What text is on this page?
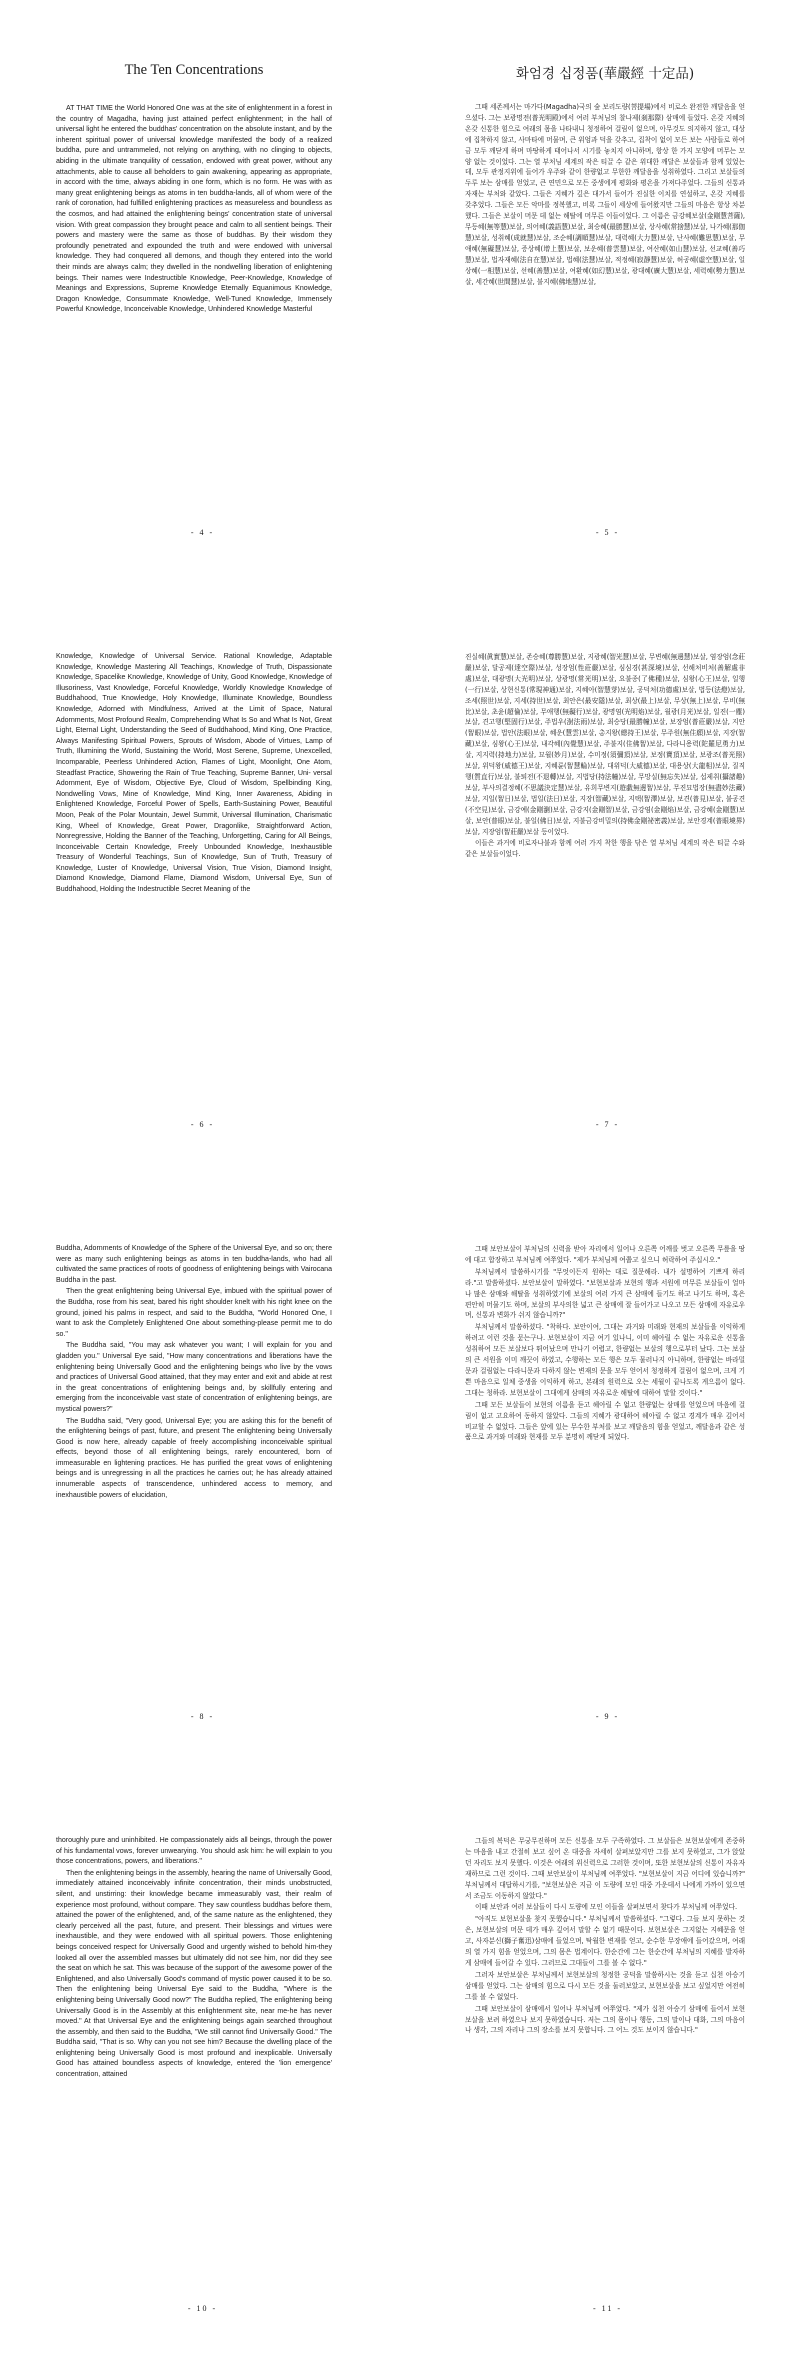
The Ten Concentrations

AT THAT TIME the World Honored One was at the site of enlightenment in a forest in the country of Magadha, having just attained perfect enlightenment; in the hall of universal light he entered the buddhas' concentration on the absolute instant, and by the inherent spiritual power of universal knowledge manifested the body of a realized buddha, pure and untrammeled, not relying on anything, with no clinging to objects, abiding in the ultimate tranquility of cessation, endowed with great power, without any attachments, able to cause all beholders to gain awakening, appearing as appropriate, in accord with the time, always abiding in one form, which is no form. He was with as many great enlightening beings as atoms in ten buddha-lands, all of whom were of the rank of coronation, had fulfilled enlightening practices as measureless and boundless as the cosmos, and had attained the enlightening beings' concentration state of universal vision. With great compassion they brought peace and calm to all sentient beings. Their powers and mastery were the same as those of buddhas. By their wisdom they profoundly penetrated and expounded the truth and were endowed with universal knowledge. They had conquered all demons, and though they entered into the world their minds are always calm; they dwelled in the nondwelling liberation of enlightening beings. Their names were Indestructible Knowledge, Peer-Knowledge, Knowledge of Meanings and Expressions, Supreme Knowledge Eternally Equanimous Knowledge, Dragon Knowledge, Consummate Knowledge, Well-Tuned Knowledge, Immensely Powerful Knowledge, Inconceivable Knowledge, Unhindered Knowledge Masterful

- 4 -
화엄경 십정품(華嚴經 十定品)

그때 세존께서는 마가다(Magadha)국의 숲 보리도량(菩提場)에서 비로소 완전한 깨달음을 얻으셨다. 그는 보광명전(普光明殿)에서 여러 부처님의 찰나제(刹那際) 삼매에 들었다. 온갖 지혜의 온갖 신통한 힘으로 여래의 몸을 나타내니 청정하여 걸림이 없으며, 아무것도 의지하지 않고, 대상에 집착하지 않고, 사마타에 머물며, 큰 위엄과 덕을 갖추고, 집착이 없이 모든 보는 사람들로 하여금 모두 깨닫게 하며 마땅하게 태어나서 시기를 놓치지 아니하며, 항상 한 가지 모양에 머무는 모양 없는 것이었다. 그는 열 부처님 세계의 작은 티끌 수 같은 위대한 깨달은 보살들과 함께 있었는데, 모두 관정지위에 들어가 우주와 같이 한량없고 무한한 깨달음을 성취하였다. 그리고 보살들의 두루 보는 삼매를 얻었고, 큰 연민으로 모든 중생에게 평화와 평온을 가져다주었다. 그들의 신통과 자재는 부처와 같았다. 그들은 지혜가 깊은 대가서 들어가 진실한 이치를 연설하고, 온갖 지혜를 갖추었다. 그들은 모든 악마를 정복했고, 비록 그들이 세상에 들어왔지만 그들의 마음은 항상 차분했다. 그들은 보살이 머문 데 없는 해탈에 머무른 이들이었다. 그 이름은 금강혜보살(金剛慧菩薩), 무등혜(無等慧)보살, 의어혜(義語慧)보살, 최승혜(最勝慧)보살, 상사혜(常捨慧)보살, 나가혜(那伽慧)보살, 성취혜(成就慧)보살, 조순혜(調順慧)보살, 대력혜(大力慧)보살, 난사혜(難思慧)보살, 무애혜(無礙慧)보살, 증상혜(增上慧)보살, 보운혜(普雲慧)보살, 여산혜(如山慧)보살, 선교혜(善巧慧)보살, 법자재혜(法自在慧)보살, 법혜(法慧)보살, 적정혜(寂靜慧)보살, 허공혜(虛空慧)보살, 일상혜(一相慧)보살, 선혜(善慧)보살, 여환혜(如幻慧)보살, 광대혜(廣大慧)보살, 세력혜(勢力慧)보살, 세간혜(世間慧)보살, 불지혜(佛地慧)보살,

- 5 -

Knowledge, Knowledge of Universal Service. Rational Knowledge, Adaptable Knowledge, Knowledge Mastering All Teachings, Knowledge of Truth, Dispassionate Knowledge, Spacelike Knowledge, Knowledge of Unity, Good Knowledge, Knowledge of Illusoriness, Vast Knowledge, Forceful Knowledge, Worldly Knowledge Knowledge of Buddhahood, True Knowledge, Holy Knowledge, Illuminate Knowledge, Boundless Knowledge, Adorned with Mindfulness, Arrived at the Limit of Space, Natural Adornments, Most Profound Realm, Comprehending What Is So and What Is Not, Great Light, Eternal Light, Understanding the Seed of Buddhahood, Mind King, One Practice, Always Manifesting Spiritual Powers, Sprouts of Wisdom, Abode of Virtues, Lamp of Truth, Illumining the World, Sustaining the World, Most Serene, Supreme, Unexcelled, Incomparable, Peerless Unhindered Action, Flames of Light, Moonlight, One Atom, Steadfast Practice, Showering the Rain of True Teaching, Supreme Banner, Uni- versal Adornment, Eye of Wisdom, Objective Eye, Cloud of Wisdom, Spellbinding King, Nondwelling Vows, Mine of Knowledge, Mind King, Inner Awareness, Abiding in Enlightened Knowledge, Forceful Power of Spells, Earth-Sustaining Power, Beautiful Moon, Peak of the Polar Mountain, Jewel Summit, Universal Illumination, Charismatic King, Wheel of Knowledge, Great Power, Dragonlike, Straightforward Action, Nonregressive, Holding the Banner of the Teaching, Unforgetting, Caring for All Beings, Inconceivable Certain Knowledge, Freely Unbounded Knowledge, Inexhaustible Treasury of Wonderful Teachings, Sun of Knowledge, Sun of Truth, Treasury of Knowledge, Luster of Knowledge, Universal Vision, True Vision, Diamond Insight, Diamond Knowledge, Diamond Flame, Diamond Wisdom, Universal Eye, Sun of Buddhahood, Holding the Indestructible Secret Meaning of the

- 6 -

진실혜(眞實慧)보살, 존승혜(尊勝慧)보살, 지광혜(智光慧)보살, 무변혜(無邊慧)보살, 염장엄(念莊嚴)보살, 달공제(達空際)보살, 성장엄(性莊嚴)보살, 심심경(甚深境)보살, 선해처비처(善解處非處)보살, 대광명(大光明)보살, 상광명(常光明)보살, 요불종(了佛種)보살, 심왕(心王)보살, 일행(一行)보살, 상현신통(常現神通)보살, 지혜아(智慧芽)보살, 공덕처(功德處)보살, 법등(法燈)보살, 조세(照世)보살, 지세(持世)보살, 최안은(最安隱)보살, 최상(最上)보살, 무상(無上)보살, 무비(無比)보살, 초윤(超倫)보살, 무애행(無礙行)보살, 광명염(光明焰)보살, 월광(月光)보살, 일진(一塵)보살, 견고행(堅固行)보살, 주법우(澍法雨)보살, 최승당(最勝幢)보살, 보장엄(普莊嚴)보살, 지안(智眼)보살, 법안(法眼)보살, 혜운(慧雲)보살, 총지왕(總持王)보살, 무주원(無住願)보살, 지장(智藏)보살, 심왕(心王)보살, 내각혜(內覺慧)보살, 주불지(住佛智)보살, 다라니용력(陀羅尼勇力)보살, 지지력(持地力)보살, 묘월(妙月)보살, 수미정(須彌頂)보살, 보정(寶頂)보살, 보광조(普光照)보살, 위덕왕(威德王)보살, 지혜륜(智慧輪)보살, 대위덕(大威德)보살, 대용상(大龍相)보살, 질직행(質直行)보살, 불퇴전(不退轉)보살, 지법당(持法幢)보살, 무망실(無忘失)보살, 섭제취(攝諸趣)보살, 부사의결정혜(不思議決定慧)보살, 유희무변지(遊戱無邊智)보살, 무진묘법장(無盡妙法藏)보살, 지일(智日)보살, 법일(法日)보살, 지장(智藏)보살, 지택(智澤)보살, 보견(普見)보살, 불공견(不空見)보살, 금강예(金剛瀏)보살, 금강지(金剛智)보살, 금강염(金剛焰)보살, 금강혜(金剛慧)보살, 보안(普眼)보살, 불일(佛日)보살, 지불금강비밀의(持佛金剛祕密義)보살, 보안경계(普眼境界)보살, 지장엄(智莊嚴)보살 등이었다.

이들은 과거에 비로자나불과 함께 여러 가지 착한 행을 닦은 열 부처님 세계의 작은 티끌 수와 같은 보살들이었다.

- 7 -

Buddha, Adornments of Knowledge of the Sphere of the Universal Eye, and so on; there were as many such enlightening beings as atoms in ten buddha-lands, who had all cultivated the same practices of roots of goodness of enlightening beings with Vairocana Buddha in the past.

Then the great enlightening being Universal Eye, imbued with the spiritual power of the Buddha, rose from his seat, bared his right shoulder knelt with his right knee on the ground, joined his palms in respect, and said to the Buddha, "World Honored One, I want to ask the Completely Enlightened One about something-please permit me to do so."

The Buddha said, "You may ask whatever you want; I will explain for you and gladden you." Universal Eye said, "How many concentrations and liberations have the enlightening being Universally Good and the enlightening beings who live by the vows and practices of Universal Good attained, that they may enter and exit and abide at rest in the great concentrations of enlightening beings and, by skillfully entering and emerging from the inconceivable vast state of concentration of enlightening beings, are mystical powers?"

The Buddha said, "Very good, Universal Eye; you are asking this for the benefit of the enlightening beings of past, future, and present The enlightening being Universally Good is now here, already capable of freely accomplishing inconceivable spiritual effects, beyond those of all enlightening beings, rarely encountered, born of immeasurable en lightening practices. He has purified the great vows of enlightening beings and is unregressing in all the practices he carries out; he has already attained innumerable aspects of transcendence, unhindered access to memory, and inexhaustible powers of elucidation,

- 8 -

그때 보안보살이 부처님의 신력을 받아 자리에서 일어나 오른쪽 어깨를 벗고 오른쪽 무릎을 땅에 대고 합장하고 부처님께 여쭈었다. "제가 부처님께 여쭙고 싶으니 허락하여 주십시오."

부처님께서 말씀하시기를 "무엇이든지 원하는 대로 질문해라. 내가 설명하여 기쁘게 하리라."고 말씀하셨다. 보안보살이 말하였다. "보현보살과 보현의 행과 서원에 머무른 보살들이 얼마나 많은 삼매와 해탈을 성취하였기에 보살의 여러 가지 큰 삼매에 들기도 하고 나기도 하며, 혹은 편안히 머물기도 하며, 보살의 부사의한 넓고 큰 삼매에 잘 들어가고 나오고 모든 삼매에 자유로우며, 신통과 변화가 쉬지 않습니까?"

부처님께서 말씀하셨다. "착하다. 보안이여, 그대는 과거와 미래와 현재의 보살들을 이익하게 하려고 이런 것을 묻는구나. 보현보살이 지금 여기 있나니, 이미 헤아릴 수 없는 자유로운 신통을 성취하여 모든 보살보다 뛰어났으며 만나기 어렵고, 한량없는 보살의 행으로부터 났다. 그는 보살의 큰 서원을 이미 깨끗이 하였고, 수행하는 모든 행은 모두 물러나지 아니하며, 한량없는 바라밀문과 걸림없는 다라니문과 다하지 않는 변재의 문을 모두 얻어서 청정하게 걸림이 없으며, 크게 기쁜 마음으로 일체 중생을 이익하게 하고, 본래의 원력으로 오는 세월이 끝나도록 게으름이 없다. 그대는 청하라. 보현보살이 그대에게 삼매의 자유로운 해탈에 대하여 말할 것이다."

그때 모든 보살들이 보현의 이름을 듣고 헤아릴 수 없고 한량없는 삼매를 얻었으며 마음에 걸림이 없고 고요하여 동하지 않았다. 그들의 지혜가 광대하여 헤아릴 수 없고 경계가 매우 깊어서 비교할 수 없었다. 그들은 앞에 있는 무수한 부처를 보고 깨달음의 힘을 얻었고, 깨달음과 같은 성품으로 과거와 미래와 현재를 모두 분명히 깨닫게 되었다.

- 9 -

thoroughly pure and uninhibited. He compassionately aids all beings, through the power of his fundamental vows, forever unwearying. You should ask him: he will explain to you those concentrations, powers, and liberations."

Then the enlightening beings in the assembly, hearing the name of Universally Good, immediately attained inconceivably infinite concentration, their minds unobstructed, silent, and unstirring: their knowledge became immeasurably vast, their realm of experience most profound, without compare. They saw countless buddhas before them, attained the power of the enlightened, and, of the same nature as the enlightened, they clearly perceived all the past, future, and present. Their blessings and virtues were inexhaustible, and they were endowed with all spiritual powers. Those enlightening beings conceived respect for Universally Good and urgently wished to behold him-they looked all over the assembled masses but ultimately did not see him, nor did they see the seat on which he sat. This was because of the support of the awesome power of the Enlightened, and also Universally Good's command of mystic power caused it to be so. Then the enlightening being Universal Eye said to the Buddha, "Where is the enlightening being Universally Good now?" The Buddha replied, The enlightening being Universally Good is in the Assembly at this enlightenment site, near me-he has never moved." At that Universal Eye and the enlightening beings again searched throughout the assembly, and then said to the Buddha, "We still cannot find Universally Good." The Buddha said, "That is so. Why can you not see him? Because the dwelling place of the enlightening being Universally Good is most profound and inexplicable. Universally Good has attained boundless aspects of knowledge, entered the 'lion emergence' concentration, attained

- 10 -

그들의 복덕은 무궁무진하며 모든 신통을 모두 구족하였다. 그 보살들은 보현보살에게 존중하는 마음을 내고 간절히 보고 싶어 온 대중을 자세히 살펴보았지만 그를 보지 못하였고, 그가 앉았던 자리도 보지 못했다. 이것은 여래의 위신력으로 그러한 것이며, 또한 보현보살의 신통이 자유자재하므로 그런 것이다. 그때 보안보살이 부처님께 여쭈었다. "보현보살이 지금 어디에 있습니까?" 부처님께서 대답하시기를, "보현보살은 지금 이 도량에 모인 대중 가운데서 나에게 가까이 있으면서 조금도 이동하지 않았다."

이때 보안과 여러 보살들이 다시 도량에 모인 이들을 살펴보면서 찾다가 부처님께 여쭈었다.

"아직도 보현보살을 찾지 못했습니다." 부처님께서 말씀하셨다. "그렇다. 그들 보지 못하는 것은, 보현보살의 머문 데가 매우 깊어서 말할 수 없기 때문이다. 보현보살은 그지없는 지혜문을 얻고, 사자분신(獅子奮迅)삼매에 들었으며, 탁월한 변재를 얻고, 순수한 무장애에 들어갔으며, 여래의 열 가지 힘을 얻었으며, 그의 몸은 법계이다. 한순간에 그는 한순간에 부처님의 지혜를 발자하게 삼매에 들어갈 수 있다. 그러므로 그대들이 그를 볼 수 없다."

그러자 보안보살은 부처님께서 보현보살의 청정한 공덕을 말씀하시는 것을 듣고 십천 아승기 삼매를 얻었다. 그는 삼매의 힘으로 다시 모든 것을 둘러보았고, 보현보살을 보고 싶었지만 여전히 그를 볼 수 없었다.

그때 보안보살이 삼매에서 일어나 부처님께 여쭈었다. "제가 십천 아승기 삼매에 들어서 보현보살을 보려 하였으나 보지 못하였습니다. 저는 그의 몸이나 행동, 그의 말이나 대화, 그의 마음이나 생각, 그의 자리나 그의 장소를 보지 못합니다. 그 어느 것도 보이지 않습니다."

- 11 -
